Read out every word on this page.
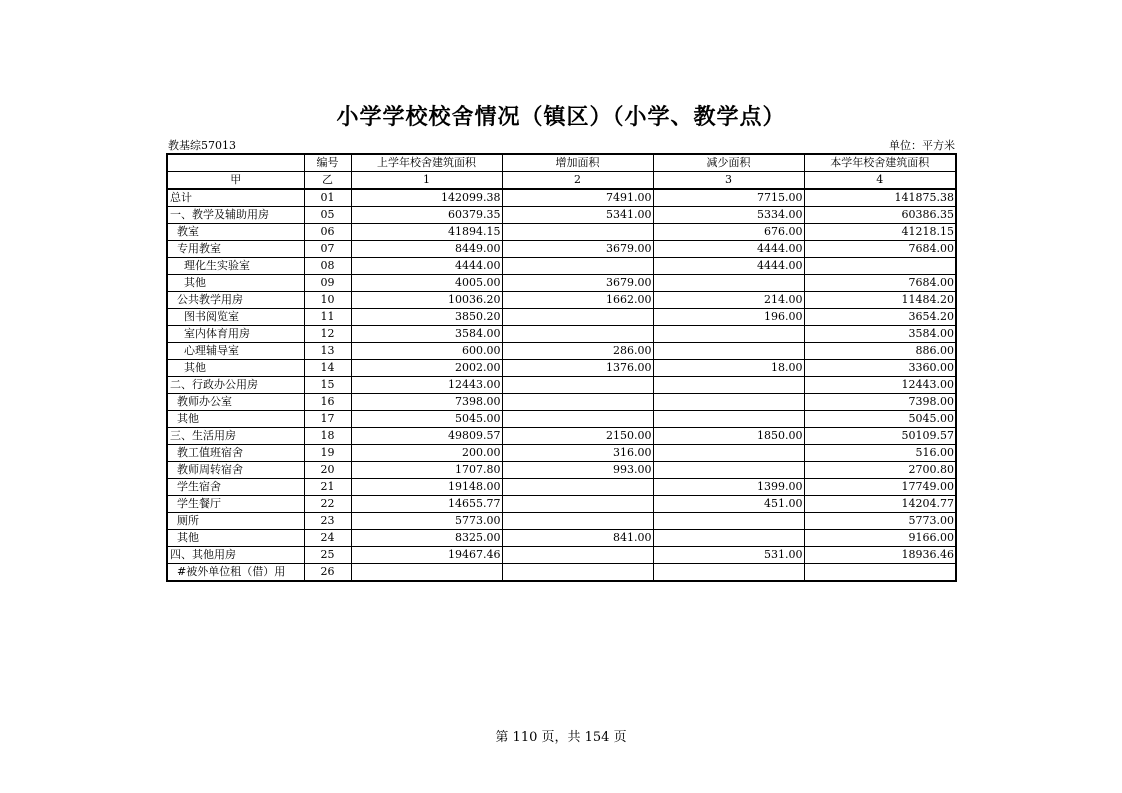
小学学校校舍情况（镇区）（小学、教学点）
教基综57013	单位：平方米
	编号	上学年校舍建筑面积	增加面积	减少面积	本学年校舍建筑面积
甲	乙	1	2	3	4
总计	01	142099.38	7491.00	7715.00	141875.38
一、教学及辅助用房	05	60379.35	5341.00	5334.00	60386.35
教室	06	41894.15		676.00	41218.15
专用教室	07	8449.00	3679.00	4444.00	7684.00
理化生实验室	08	4444.00		4444.00	
其他	09	4005.00	3679.00		7684.00
公共教学用房	10	10036.20	1662.00	214.00	11484.20
图书阅览室	11	3850.20		196.00	3654.20
室内体育用房	12	3584.00			3584.00
心理辅导室	13	600.00	286.00		886.00
其他	14	2002.00	1376.00	18.00	3360.00
二、行政办公用房	15	12443.00			12443.00
教师办公室	16	7398.00			7398.00
其他	17	5045.00			5045.00
三、生活用房	18	49809.57	2150.00	1850.00	50109.57
教工值班宿舍	19	200.00	316.00		516.00
教师周转宿舍	20	1707.80	993.00		2700.80
学生宿舍	21	19148.00		1399.00	17749.00
学生餐厅	22	14655.77		451.00	14204.77
厕所	23	5773.00			5773.00
其他	24	8325.00	841.00		9166.00
四、其他用房	25	19467.46		531.00	18936.46
#被外单位租（借）用	26				
第 110 页，共 154 页
